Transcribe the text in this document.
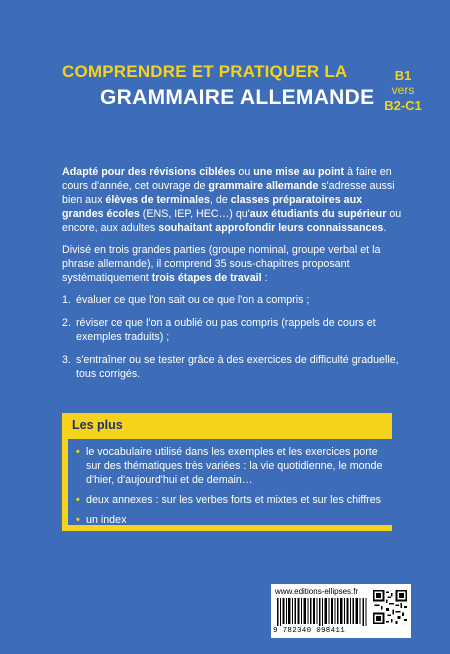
COMPRENDRE ET PRATIQUER LA
GRAMMAIRE ALLEMANDE
B1
vers
B2-C1

Adapté pour des révisions ciblées ou une mise au point à faire en cours d'année, cet ouvrage de grammaire allemande s'adresse aussi bien aux élèves de terminales, de classes préparatoires aux grandes écoles (ENS, IEP, HEC…) qu'aux étudiants du supérieur ou encore, aux adultes souhaitant approfondir leurs connaissances.

Divisé en trois grandes parties (groupe nominal, groupe verbal et la phrase allemande), il comprend 35 sous-chapitres proposant systématiquement trois étapes de travail :

1. évaluer ce que l'on sait ou ce que l'on a compris ;
2. réviser ce que l'on a oublié ou pas compris (rappels de cours et exemples traduits) ;
3. s'entraîner ou se tester grâce à des exercices de difficulté graduelle, tous corrigés.
Les plus
• le vocabulaire utilisé dans les exemples et les exercices porte sur des thématiques très variées : la vie quotidienne, le monde d'hier, d'aujourd'hui et de demain…
• deux annexes : sur les verbes forts et mixtes et sur les chiffres
• un index
www.editions-ellipses.fr
9 782340 098411
